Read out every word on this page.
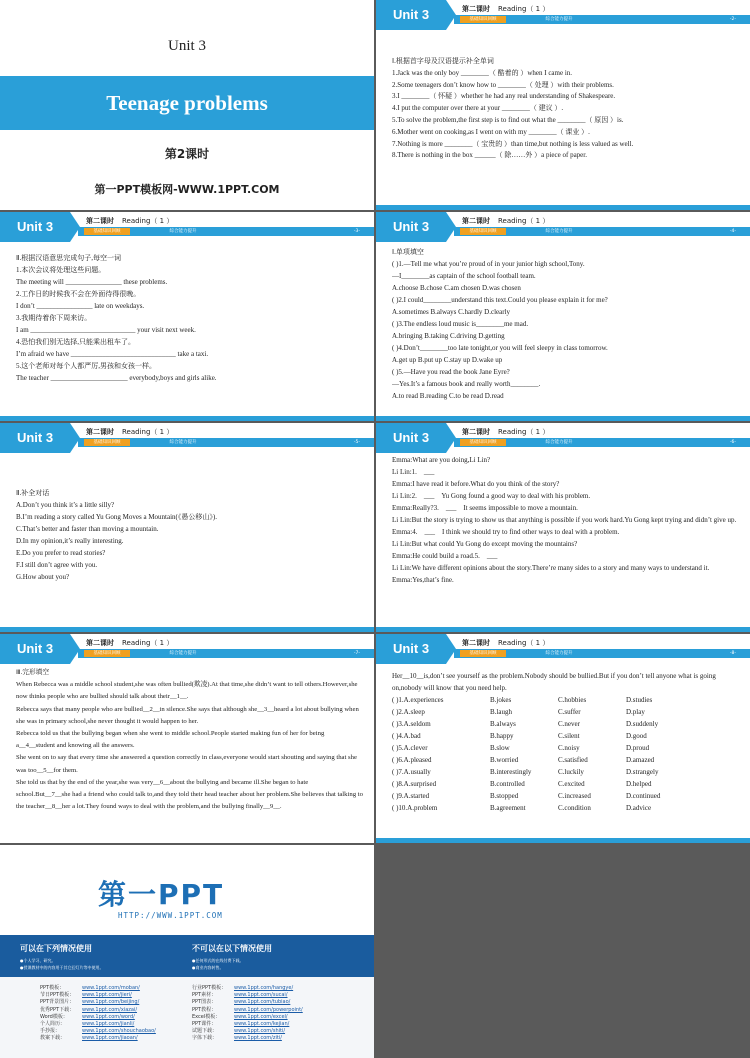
Unit 3
Teenage problems
第2课时
第一PPT模板网-WWW.1PPT.COM
Unit 3	第二课时 Reading（ 1 ）
基础知识回顾	综合能力提升	-2-

Ⅰ.根据首字母及汉语提示补全单词

1.Jack was the only boy ________（ 酷着的 ）when I came in.

2.Some teenagers don’t know how to ________（ 处理 ）with their problems.

3.I ________（ 怀疑 ）whether he had any real understanding of Shakespeare.

4.I put the computer over there at your ________（ 建议 ）.

5.To solve the problem,the first step is to find out what the ________（ 原因 ）is.

6.Mother went on cooking,as I went on with my ________（ 课业 ）.

7.Nothing is more ________（ 宝贵的 ）than time,but nothing is less valued as well.

8.There is nothing in the box ______（ 除……外 ）a piece of paper.

Unit 3	第二课时 Reading（ 1 ）
基础知识回顾	综合能力提升	-3-

Ⅱ.根据汉语意思完成句子,每空一词

1.本次会议将处理这些问题。

The meeting will ________________ these problems.

2.工作日的时候我不会在外面待得很晚。

I don’t ________________ late on weekdays.

3.我期待着你下周来访。

I am ______________________________ your visit next week.

4.恐怕我们别无选择,只能乘出租车了。

I’m afraid we have ______________________________ take a taxi.

5.这个老师对每个人都严厉,男孩和女孩一样。

The teacher ______________________ everybody,boys and girls alike.

Unit 3	第二课时 Reading（ 1 ）
基础知识回顾	综合能力提升	-4-

Ⅰ.单项填空

( )1.—Tell me what you’re proud of in your junior high school,Tony.

—I________as captain of the school football team.

A.choose B.chose C.am chosen D.was chosen

( )2.I could________understand this text.Could you please explain it for me?

A.sometimes B.always C.hardly D.clearly

( )3.The endless loud music is________me mad.

A.bringing B.taking C.driving D.getting

( )4.Don’t________too late tonight,or you will feel sleepy in class tomorrow.

A.get up B.put up C.stay up D.wake up

( )5.—Have you read the book Jane Eyre?

—Yes.It’s a famous book and really worth________.

A.to read B.reading C.to be read D.read

Unit 3	第二课时 Reading（ 1 ）
基础知识回顾	综合能力提升	-5-

Ⅱ.补全对话

A.Don’t you think it’s a little silly?

B.I’m reading a story called Yu Gong Moves a Mountain(《愚公移山》).

C.That’s better and faster than moving a mountain.

D.In my opinion,it’s really interesting.

E.Do you prefer to read stories?

F.I still don’t agree with you.

G.How about you?

Unit 3	第二课时 Reading（ 1 ）
基础知识回顾	综合能力提升	-6-

Emma:What are you doing,Li Lin?

Li Lin:1.　___

Emma:I have read it before.What do you think of the story?

Li Lin:2.　___　Yu Gong found a good way to deal with his problem.

Emma:Really?3.　___　It seems impossible to move a mountain.

Li Lin:But the story is trying to show us that anything is possible if you work hard.Yu Gong kept trying and didn’t give up.

Emma:4.　___　I think we should try to find other ways to deal with a problem.

Li Lin:But what could Yu Gong do except moving the mountains?

Emma:He could build a road.5.　___

Li Lin:We have different opinions about the story.There’re many sides to a story and many ways to understand it.

Emma:Yes,that’s fine.

Unit 3	第二课时 Reading（ 1 ）
基础知识回顾	综合能力提升	-7-

Ⅲ.完形填空

When Rebecca was a middle school student,she was often bullied(欺凌).At that time,she didn’t want to tell others.However,she now thinks people who are bullied should talk about their__1__.

Rebecca says that many people who are bullied__2__in silence.She says that although she__3__heard a lot about bullying when she was in primary school,she never thought it would happen to her.

Rebecca told us that the bullying began when she went to middle school.People started making fun of her for being a__4__student and knowing all the answers.

She went on to say that every time she answered a question correctly in class,everyone would start shouting and saying that she was too__5__for them.

She told us that by the end of the year,she was very__6__about the bullying and became ill.She began to hate school.But__7__she had a friend who could talk to,and they told their head teacher about her problem.She believes that talking to the teacher__8__her a lot.They found ways to deal with the problem,and the bullying finally__9__.

Unit 3	第二课时 Reading（ 1 ）
基础知识回顾	综合能力提升	-8-

Her__10__is,don’t see yourself as the problem.Nobody should be bullied.But if you don’t tell anyone what is going on,nobody will know that you need help.

( )1.A.experiences	B.jokes	C.hobbies	D.studies
( )2.A.sleep	B.laugh	C.suffer	D.play
( )3.A.seldom	B.always	C.never	D.suddenly
( )4.A.bad	B.happy	C.silent	D.good
( )5.A.clever	B.slow	C.noisy	D.proud
( )6.A.pleased	B.worried	C.satisfied	D.amazed
( )7.A.usually	B.interestingly	C.luckily	D.strangely
( )8.A.surprised	B.controlled	C.excited	D.helped
( )9.A.started	B.stopped	C.increased	D.continued
( )10.A.problem	B.agreement	C.condition	D.advice
第一PPT
HTTP://WWW.1PPT.COM
可以在下列情况使用
●个人学习、研究。
●授课教材中的内容用于其它幻灯片等中使用。
不可以在以下情况使用
●任何形式的在线付费下载。
●商业内容转售。
PPT模板：	www.1ppt.com/moban/
节日PPT模板： www.1ppt.com/jieri/
PPT背景图片： www.1ppt.com/beijing/
优秀PPT下载： www.1ppt.com/xiazai/
Word模板：	www.1ppt.com/word/
个人简历：	www.1ppt.com/jianli/
手抄报：	www.1ppt.com/shouchaobao/
教案下载：	www.1ppt.com/jiaoan/
行业PPT模板： www.1ppt.com/hangye/
PPT素材：	www.1ppt.com/sucai/
PPT图表：	www.1ppt.com/tubiao/
PPT教程：	www.1ppt.com/powerpoint/
Excel模板：	www.1ppt.com/excel/
PPT课件：	www.1ppt.com/kejian/
试题下载：	www.1ppt.com/shiti/
字体下载：	www.1ppt.com/ziti/
